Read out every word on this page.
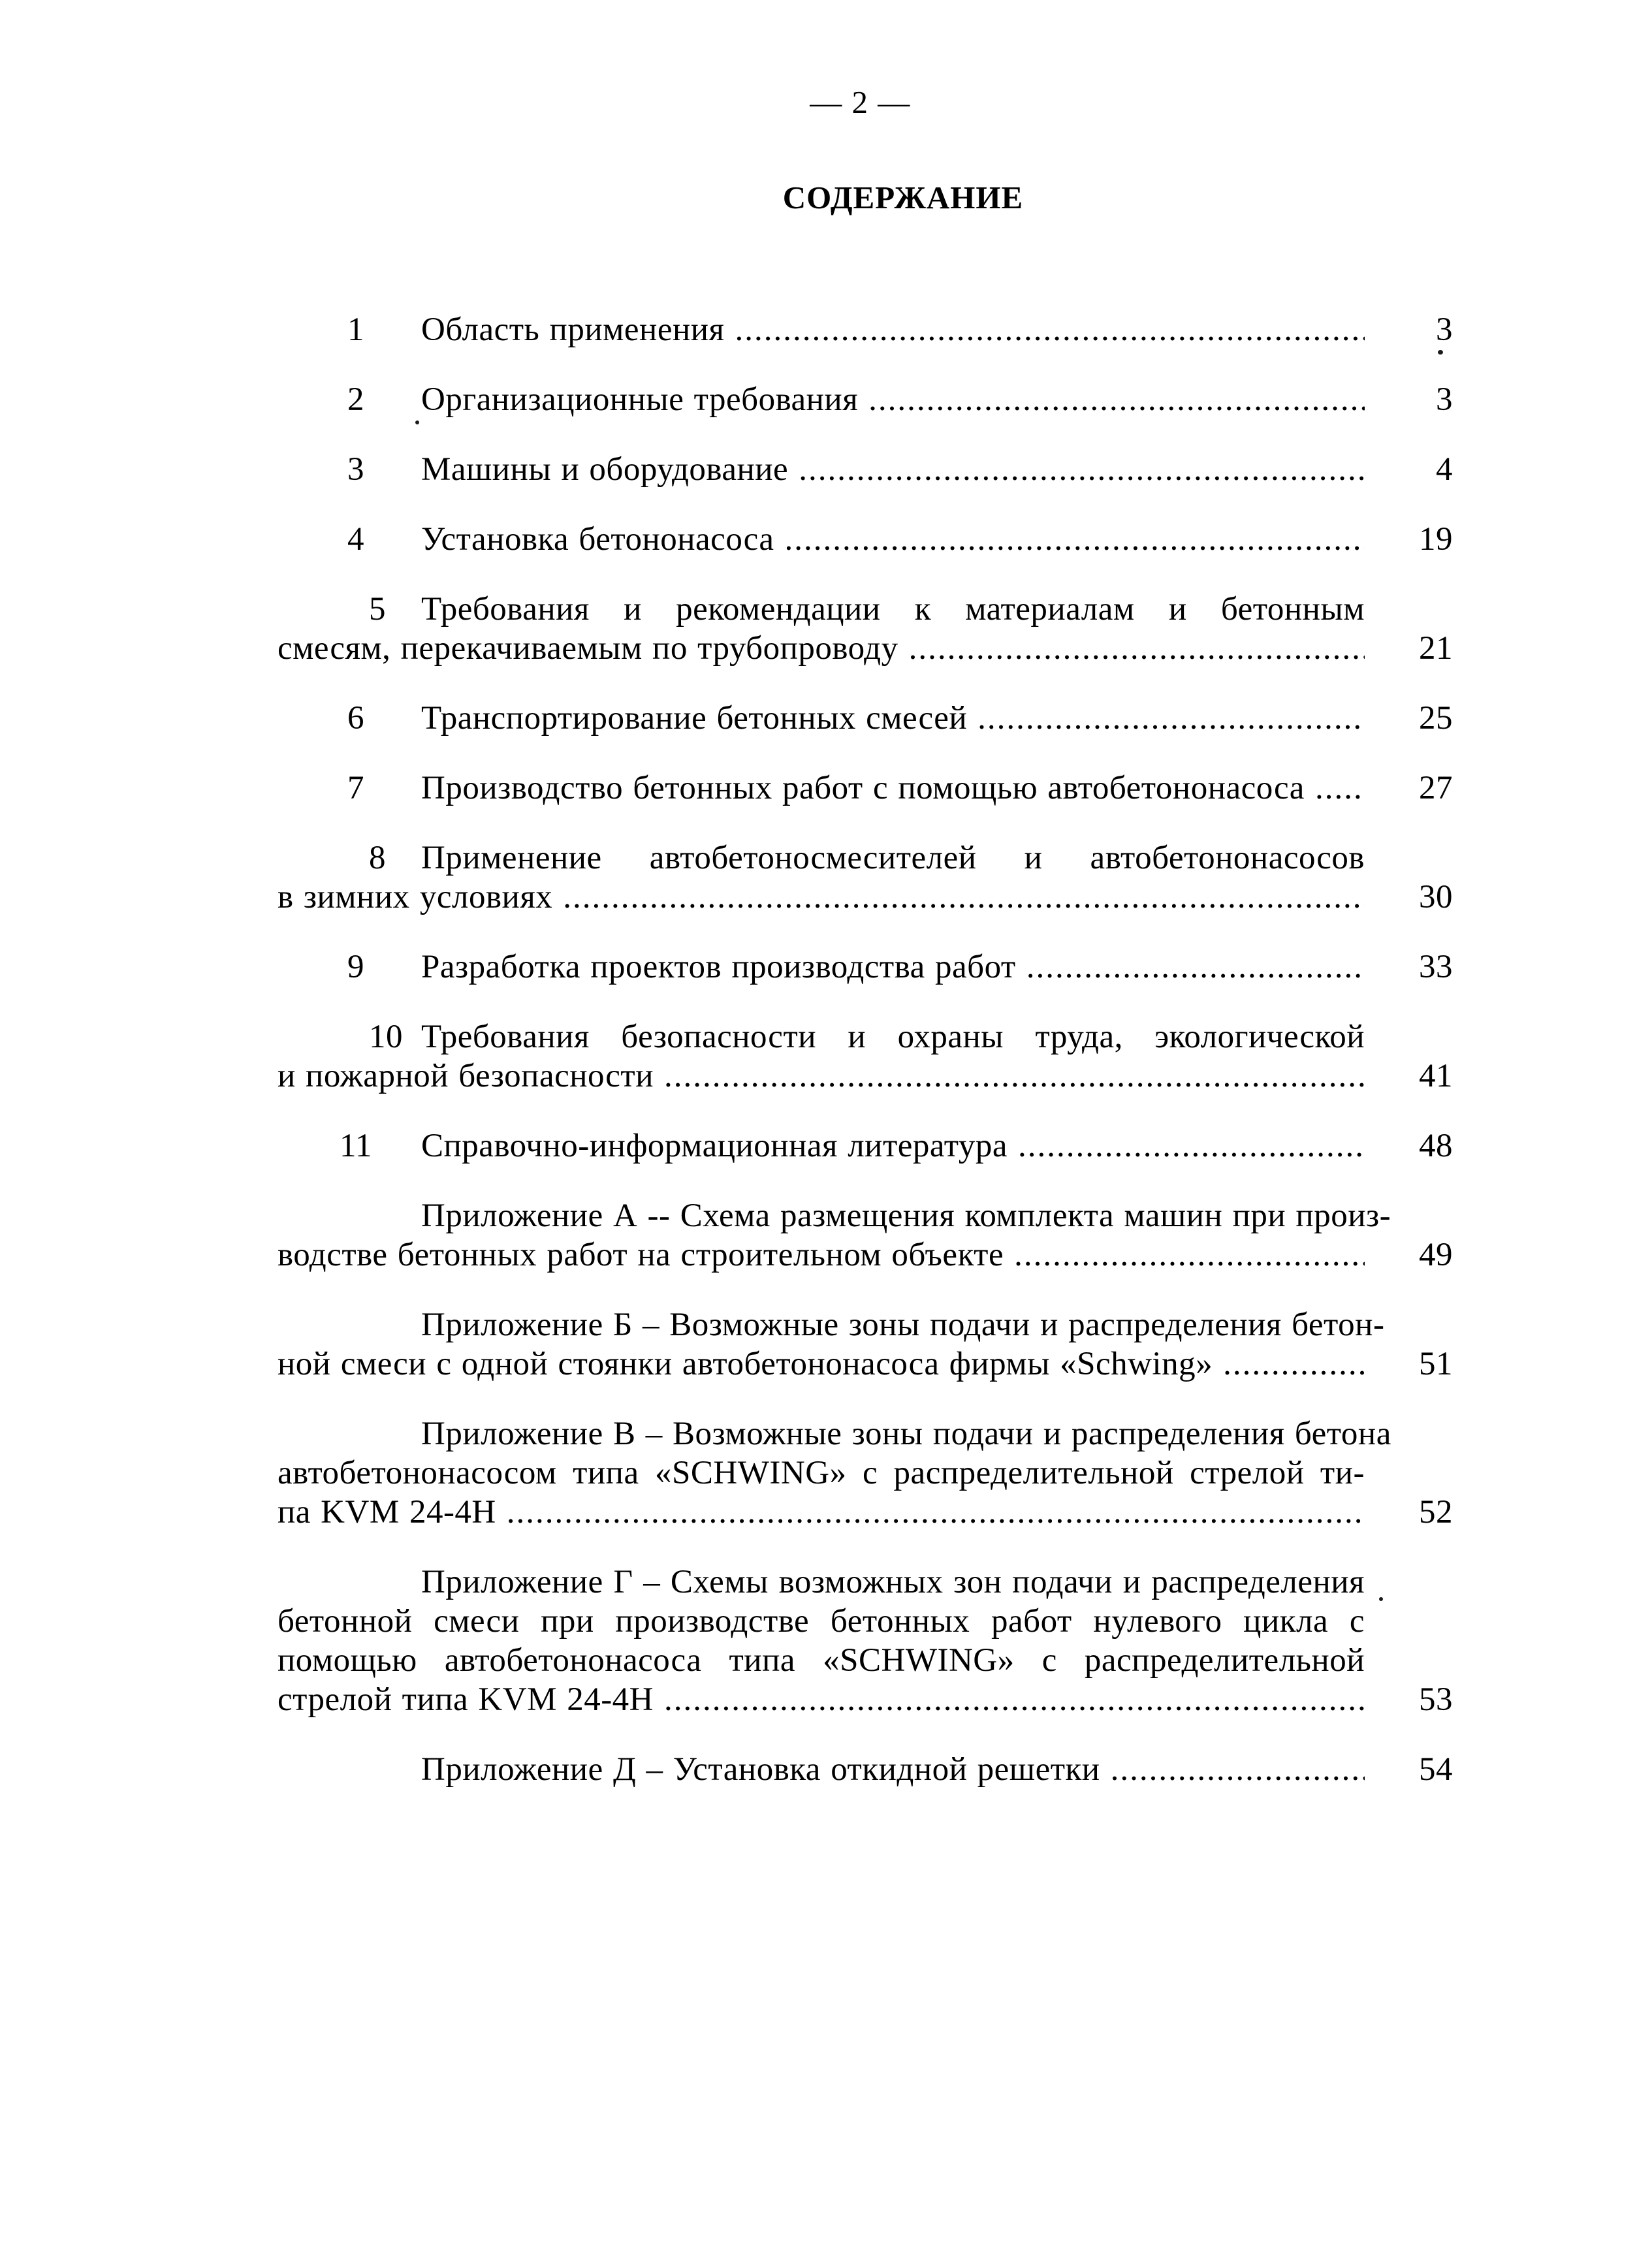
— 2 —
СОДЕРЖАНИЕ
1	Область применения .....	3
2	Организационные требования .....	3
3	Машины и оборудование .....	4
4	Установка бетононасоса .....	19
5	Требования и рекомендации к материалам и бетонным
смесям, перекачиваемым по трубопроводу .....	21
6	Транспортирование бетонных смесей .....	25
7	Производство бетонных работ с помощью автобетононасоса .....	27
8	Применение автобетоносмесителей и автобетононасосов
в зимних условиях .....	30
9	Разработка проектов производства работ .....	33
10 Требования безопасности и охраны труда, экологической
и пожарной безопасности .....	41
11	Справочно-информационная литература .....	48
Приложение А -- Схема размещения комплекта машин при произ-
водстве бетонных работ на строительном объекте .....	49
Приложение Б – Возможные зоны подачи и распределения бетон-
ной смеси с одной стоянки автобетононасоса фирмы «Schwing» .....	51
Приложение В – Возможные зоны подачи и распределения бетона
автобетононасосом типа «SCHWING» с распределительной стрелой ти-
па KVM 24-4Н .....	52
Приложение Г – Схемы возможных зон подачи и распределения
бетонной смеси при производстве бетонных работ нулевого цикла с
помощью автобетононасоса типа «SCHWING» с распределительной
стрелой типа KVM 24-4Н .....	53
Приложение Д – Установка откидной решетки .....	54
